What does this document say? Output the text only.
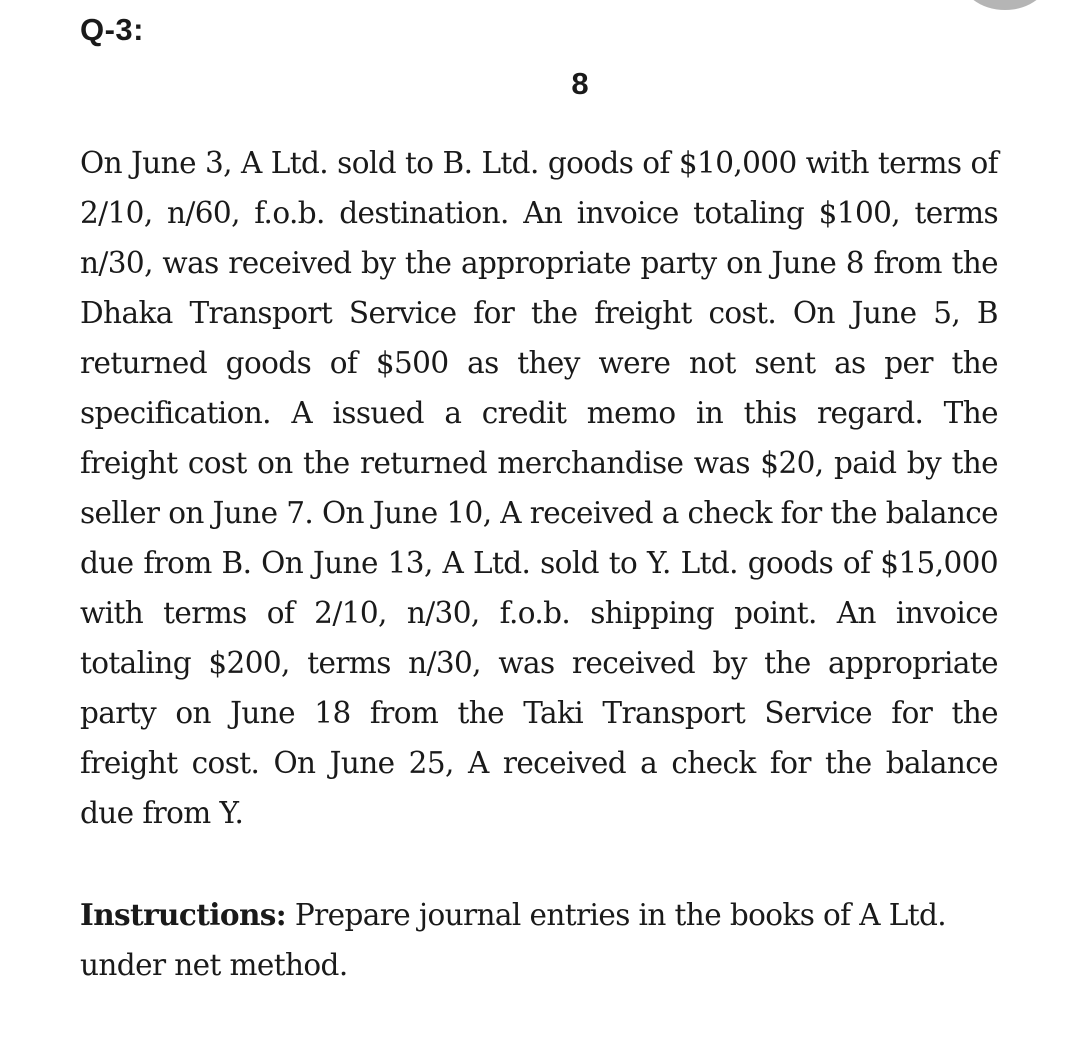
Q-3:
8

On June 3, A Ltd. sold to B. Ltd. goods of $10,000 with terms of 2/10, n/60, f.o.b. destination. An invoice totaling $100, terms n/30, was received by the appropriate party on June 8 from the Dhaka Transport Service for the freight cost. On June 5, B returned goods of $500 as they were not sent as per the specification. A issued a credit memo in this regard. The freight cost on the returned merchandise was $20, paid by the seller on June 7. On June 10, A received a check for the balance due from B. On June 13, A Ltd. sold to Y. Ltd. goods of $15,000 with terms of 2/10, n/30, f.o.b. shipping point. An invoice totaling $200, terms n/30, was received by the appropriate party on June 18 from the Taki Transport Service for the freight cost. On June 25, A received a check for the balance due from Y.

Instructions: Prepare journal entries in the books of A Ltd. under net method.
